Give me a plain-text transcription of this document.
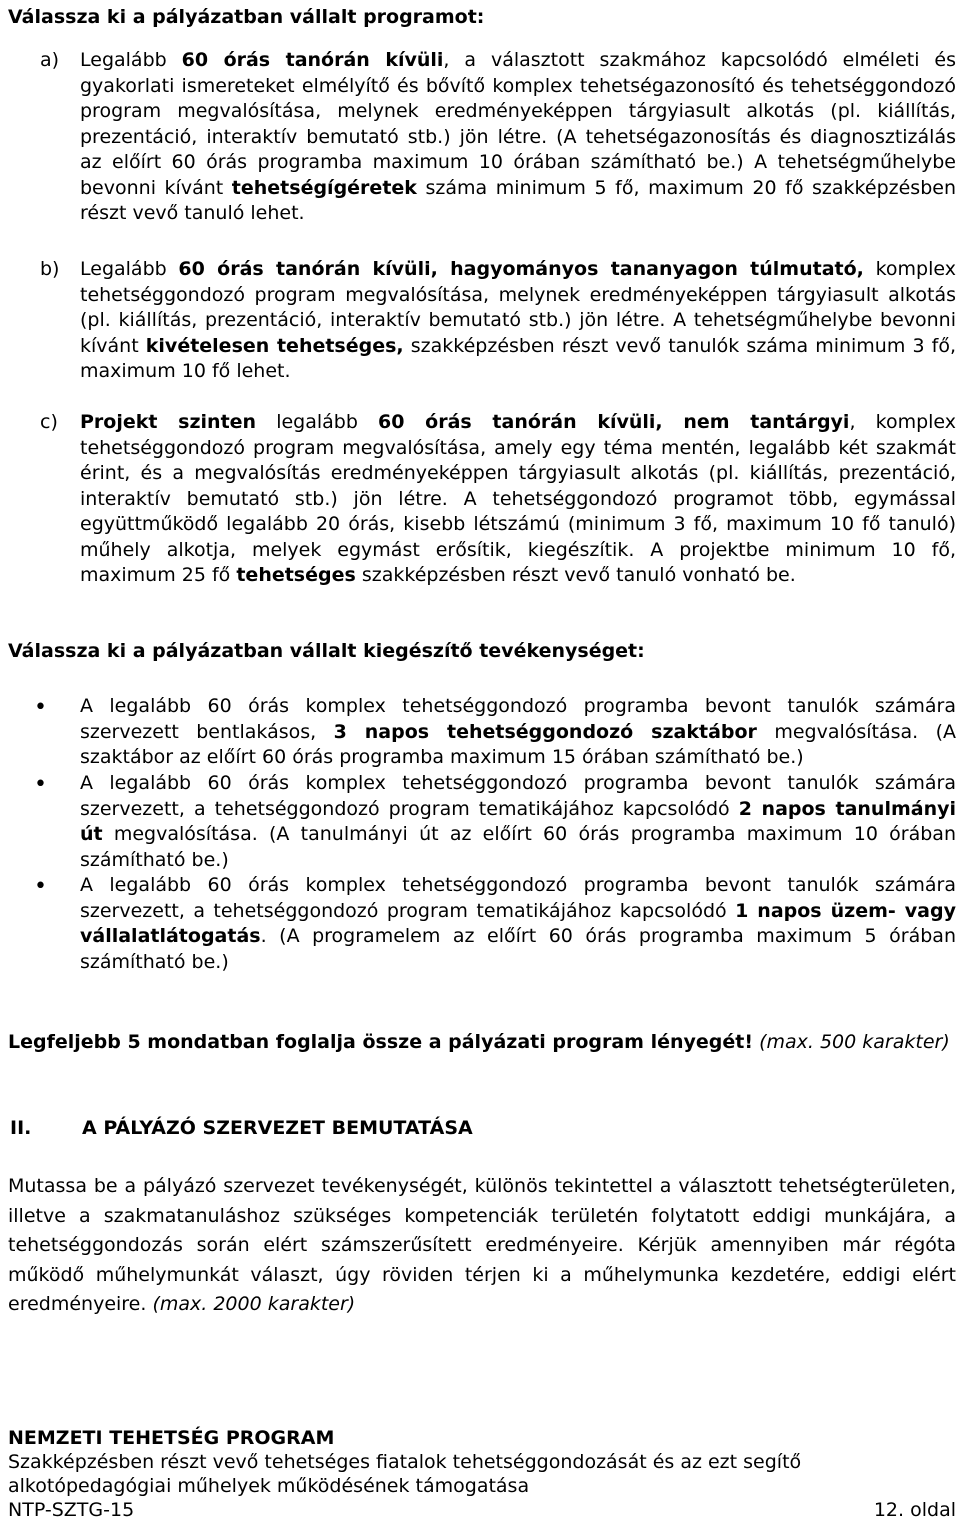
Válassza ki a pályázatban vállalt programot:

a)	Legalább 60 órás tanórán kívüli, a választott szakmához kapcsolódó elméleti és gyakorlati ismereteket elmélyítő és bővítő komplex tehetségazonosító és tehetséggondozó program megvalósítása, melynek eredményeképpen tárgyiasult alkotás (pl. kiállítás, prezentáció, interaktív bemutató stb.) jön létre. (A tehetségazonosítás és diagnosztizálás az előírt 60 órás programba maximum 10 órában számítható be.) A tehetségműhelybe bevonni kívánt tehetségígéretek száma minimum 5 fő, maximum 20 fő szakképzésben részt vevő tanuló lehet.
b)	Legalább 60 órás tanórán kívüli, hagyományos tananyagon túlmutató, komplex tehetséggondozó program megvalósítása, melynek eredményeképpen tárgyiasult alkotás (pl. kiállítás, prezentáció, interaktív bemutató stb.) jön létre. A tehetségműhelybe bevonni kívánt kivételesen tehetséges, szakképzésben részt vevő tanulók száma minimum 3 fő, maximum 10 fő lehet.
c)	Projekt szinten legalább 60 órás tanórán kívüli, nem tantárgyi, komplex tehetséggondozó program megvalósítása, amely egy téma mentén, legalább két szakmát érint, és a megvalósítás eredményeképpen tárgyiasult alkotás (pl. kiállítás, prezentáció, interaktív bemutató stb.) jön létre. A tehetséggondozó programot több, egymással együttműködő legalább 20 órás, kisebb létszámú (minimum 3 fő, maximum 10 fő tanuló) műhely alkotja, melyek egymást erősítik, kiegészítik. A projektbe minimum 10 fő, maximum 25 fő tehetséges szakképzésben részt vevő tanuló vonható be.

Válassza ki a pályázatban vállalt kiegészítő tevékenységet:

•	A legalább 60 órás komplex tehetséggondozó programba bevont tanulók számára szervezett bentlakásos, 3 napos tehetséggondozó szaktábor megvalósítása. (A szaktábor az előírt 60 órás programba maximum 15 órában számítható be.)
•	A legalább 60 órás komplex tehetséggondozó programba bevont tanulók számára szervezett, a tehetséggondozó program tematikájához kapcsolódó 2 napos tanulmányi út megvalósítása. (A tanulmányi út az előírt 60 órás programba maximum 10 órában számítható be.)
•	A legalább 60 órás komplex tehetséggondozó programba bevont tanulók számára szervezett, a tehetséggondozó program tematikájához kapcsolódó 1 napos üzem- vagy vállalatlátogatás. (A programelem az előírt 60 órás programba maximum 5 órában számítható be.)
Legfeljebb 5 mondatban foglalja össze a pályázati program lényegét! (max. 500 karakter)
II.	A PÁLYÁZÓ SZERVEZET BEMUTATÁSA
Mutassa be a pályázó szervezet tevékenységét, különös tekintettel a választott tehetségterületen, illetve a szakmatanuláshoz szükséges kompetenciák területén folytatott eddigi munkájára, a tehetséggondozás során elért számszerűsített eredményeire. Kérjük amennyiben már régóta működő műhelymunkát választ, úgy röviden térjen ki a műhelymunka kezdetére, eddigi elért eredményeire. (max. 2000 karakter)
NEMZETI TEHETSÉG PROGRAM
Szakképzésben részt vevő tehetséges fiatalok tehetséggondozását és az ezt segítő
alkotópedagógiai műhelyek működésének támogatása
NTP-SZTG-15	12. oldal
